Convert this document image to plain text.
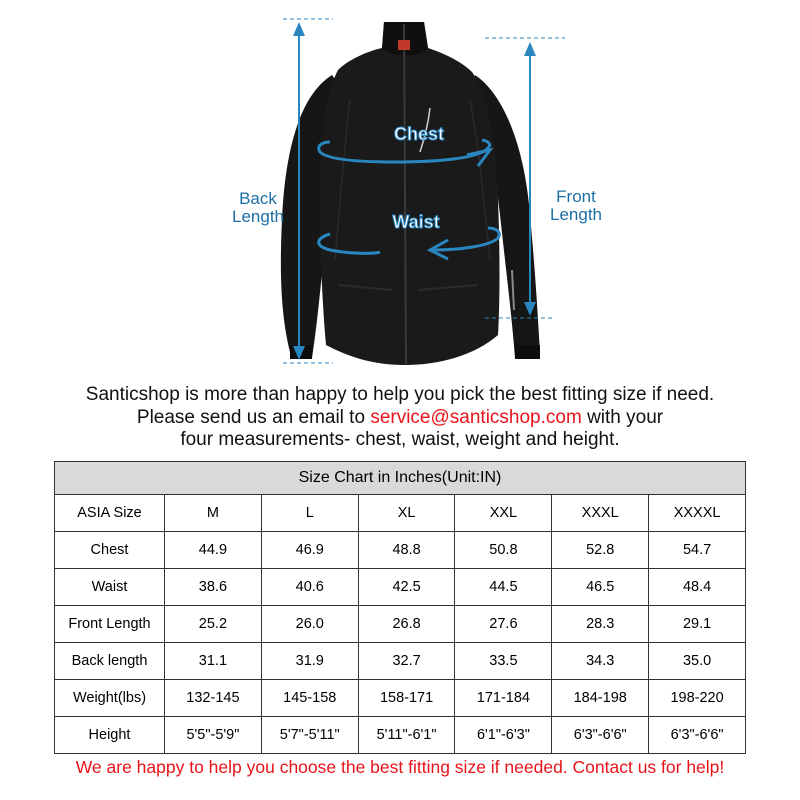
Chest
Waist
Back
Length
Front
Length
Santicshop is more than happy to help you pick the best fitting size if need.
Please send us an email to service@santicshop.com with your
four measurements- chest, waist, weight and height.
Size Chart in Inches(Unit:IN)						
ASIA Size	M	L	XL	XXL	XXXL	XXXXL
Chest	44.9	46.9	48.8	50.8	52.8	54.7
Waist	38.6	40.6	42.5	44.5	46.5	48.4
Front Length	25.2	26.0	26.8	27.6	28.3	29.1
Back length	31.1	31.9	32.7	33.5	34.3	35.0
Weight(lbs)	132-145	145-158	158-171	171-184	184-198	198-220
Height	5'5"-5'9"	5'7"-5'11"	5'11"-6'1"	6'1"-6'3"	6'3"-6'6"	6'3"-6'6"
We are happy to help you choose the best fitting size if needed. Contact us for help!
